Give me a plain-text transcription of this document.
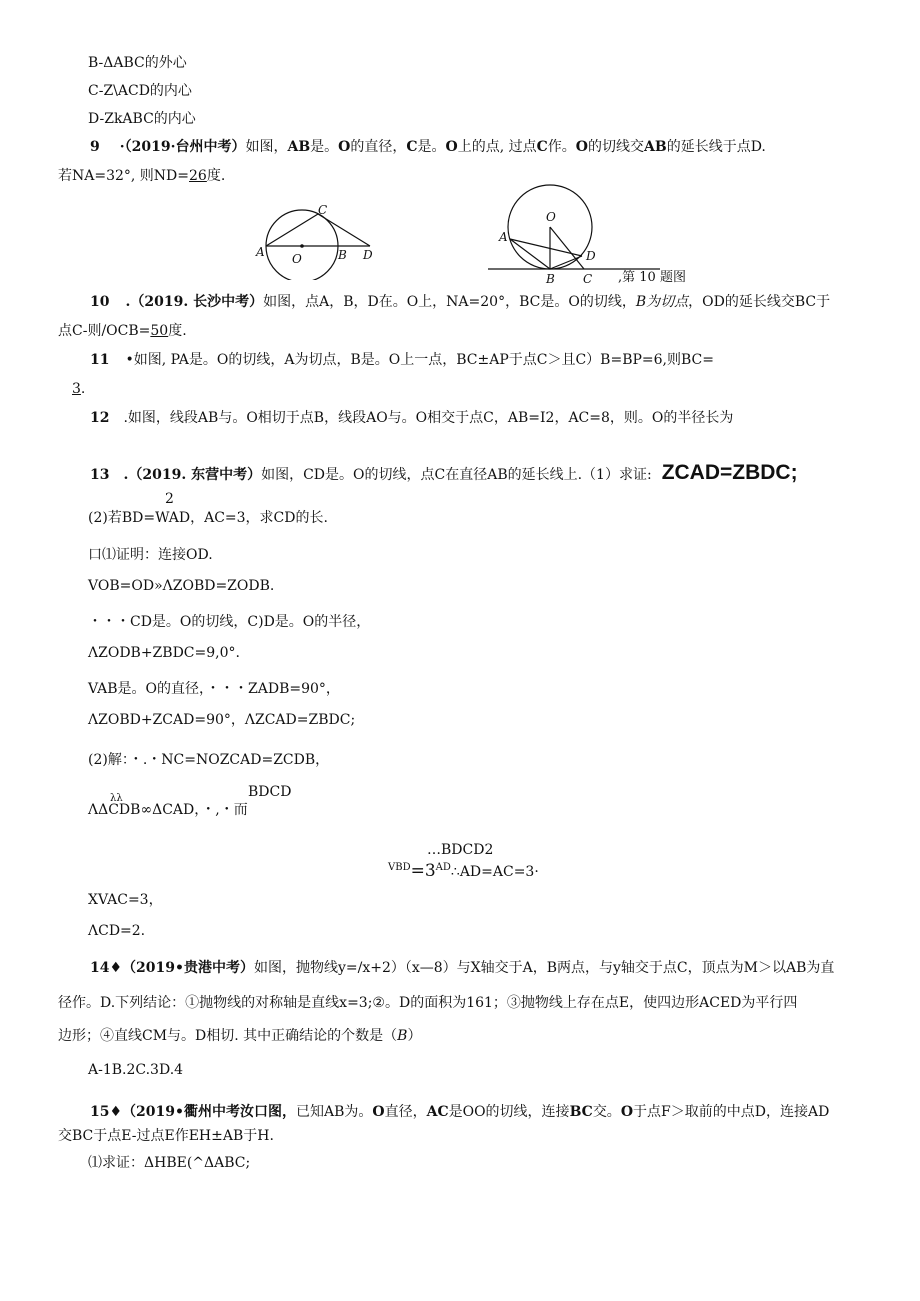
B-ΔABC的外心
C-Z\ACD的内心
D-ZkABC的内心
9 ·（2019·台州中考）如图，AB是。O的直径，C是。O上的点, 过点C作。O的切线交AB的延长线于点D.
若NA=32°, 则ND=26度.
A O	B
C
D
O
A
D
B C ,第 10 题图
10 .（2019. 长沙中考）如图，点A，B，D在。O上，NA=20°，BC是。O的切线，B为切点，OD的延长线交BC于
点C-则/OCB=50度.
11 •如图, PA是。O的切线，A为切点，B是。O上一点，BC±AP于点C＞且C）B=BP=6,则BC=
3.
12 .如图，线段AB与。O相切于点B，线段AO与。O相交于点C，AB=I2，AC=8，则。O的半径长为
13 .（2019. 东营中考）如图，CD是。O的切线，点C在直径AB的延长线上.（1）求证: ZCAD=ZBDC;
2
(2)若BD=WAD，AC=3，求CD的长.
口⑴证明：连接OD.
VOB=OD»ΛZOBD=ZODB.
・・・CD是。O的切线，C)D是。O的半径，
ΛZODB+ZBDC=9,0°.
VAB是。O的直径，・・・ZADB=90°，
ΛZOBD+ZCAD=90°，ΛZCAD=ZBDC;
(2)解：・.・NC=NOZCAD=ZCDB，
λλ	BDCD
ΛΔCDB∞ΔCAD，・,・而
…BDCD2
$^{VBD}=3^{AD}\therefore AD=AC=3\cdot$
XVAC=3，
ΛCD=2.
14♦（2019•贵港中考）如图，抛物线y=/x+2）（x—8）与X轴交于A，B两点，与y轴交于点C，顶点为M＞以AB为直
径作。D.下列结论：①抛物线的对称轴是直线x=3;②。D的面积为161；③抛物线上存在点E，使四边形ACED为平行四
边形；④直线CM与。D相切. 其中正确结论的个数是（B）
A-1B.2C.3D.4
15♦（2019•衢州中考汝口图，已知AB为。O直径，AC是OO的切线，连接BC交。O于点F＞取前的中点D，连接AD
交BC于点E-过点E作EH±AB于H.
⑴求证：ΔHBE(^ΔABC;
